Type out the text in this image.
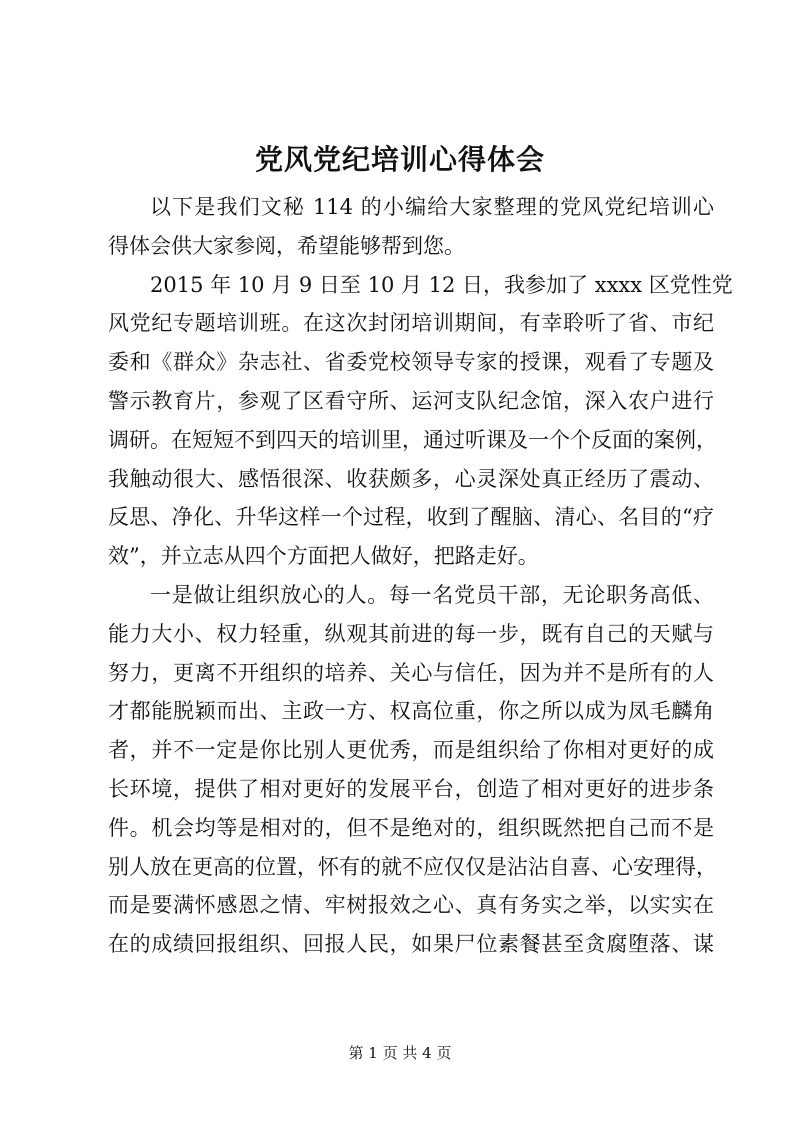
党风党纪培训心得体会
以下是我们文秘 114 的小编给大家整理的党风党纪培训心
得体会供大家参阅，希望能够帮到您。
2015 年 10 月 9 日至 10 月 12 日，我参加了 xxxx 区党性党
风党纪专题培训班。在这次封闭培训期间，有幸聆听了省、市纪
委和《群众》杂志社、省委党校领导专家的授课，观看了专题及
警示教育片，参观了区看守所、运河支队纪念馆，深入农户进行
调研。在短短不到四天的培训里，通过听课及一个个反面的案例，
我触动很大、感悟很深、收获颇多，心灵深处真正经历了震动、
反思、净化、升华这样一个过程，收到了醒脑、清心、名目的“疗
效”，并立志从四个方面把人做好，把路走好。
一是做让组织放心的人。每一名党员干部，无论职务高低、
能力大小、权力轻重，纵观其前进的每一步，既有自己的天赋与
努力，更离不开组织的培养、关心与信任，因为并不是所有的人
才都能脱颖而出、主政一方、权高位重，你之所以成为凤毛麟角
者，并不一定是你比别人更优秀，而是组织给了你相对更好的成
长环境，提供了相对更好的发展平台，创造了相对更好的进步条
件。机会均等是相对的，但不是绝对的，组织既然把自己而不是
别人放在更高的位置，怀有的就不应仅仅是沾沾自喜、心安理得，
而是要满怀感恩之情、牢树报效之心、真有务实之举，以实实在
在的成绩回报组织、回报人民，如果尸位素餐甚至贪腐堕落、谋
第 1 页 共 4 页
